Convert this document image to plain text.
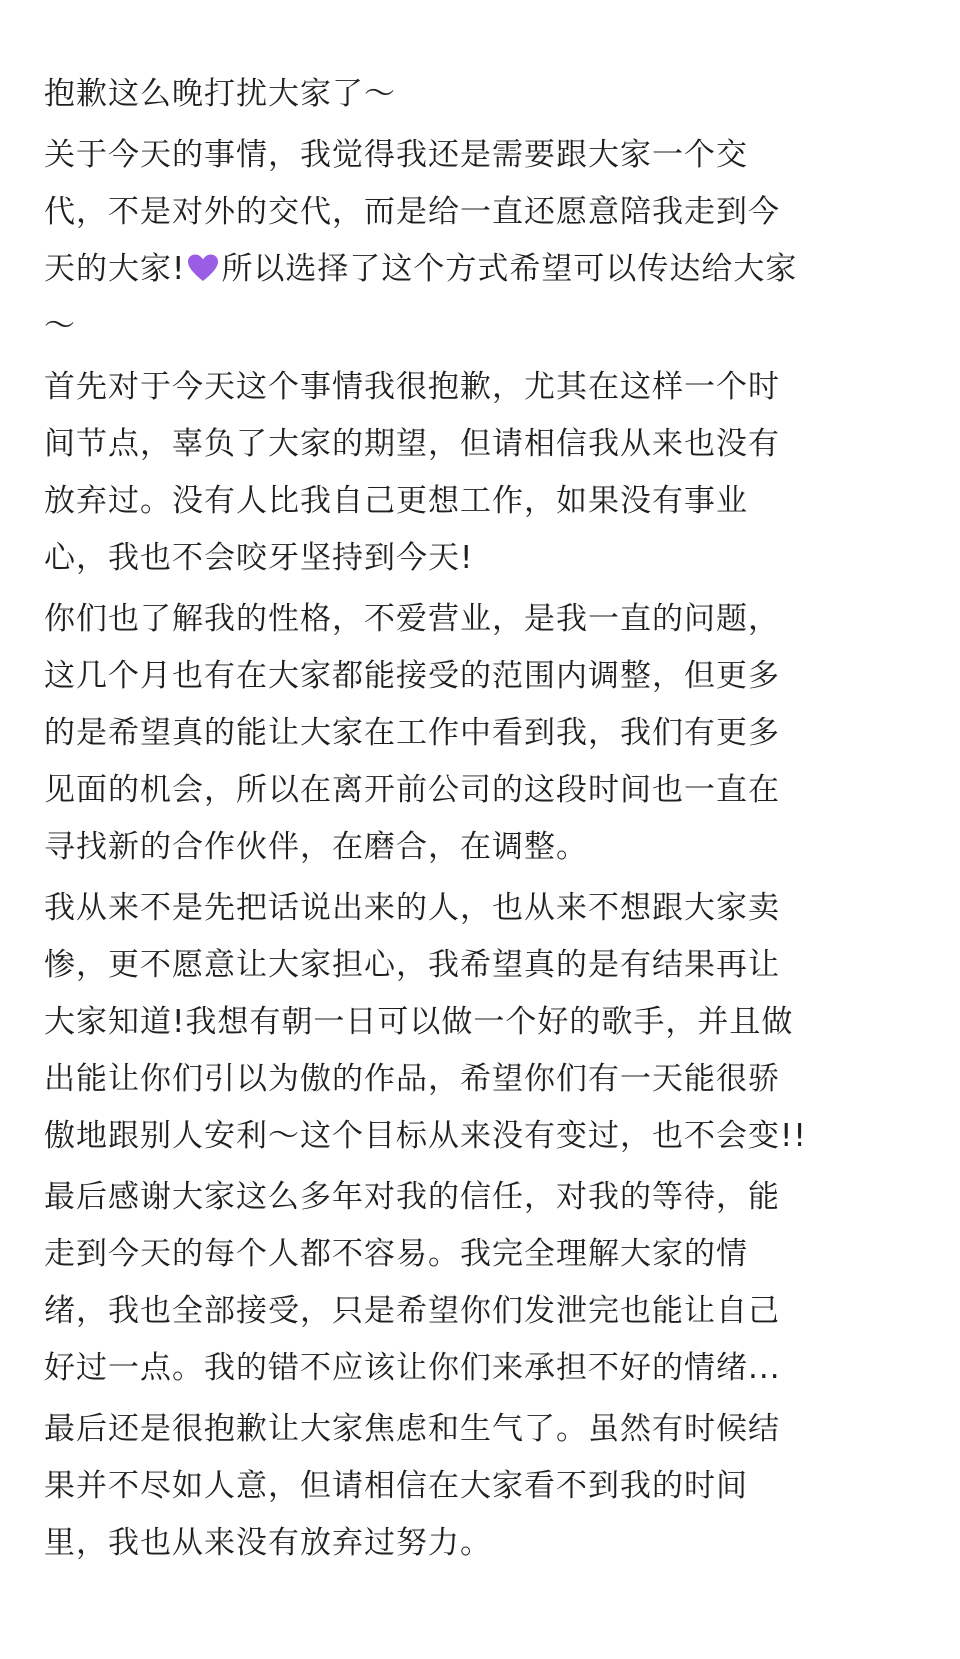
抱歉这么晚打扰大家了～
关于今天的事情，我觉得我还是需要跟大家一个交
代，不是对外的交代，而是给一直还愿意陪我走到今
天的大家! 所以选择了这个方式希望可以传达给大家
～
首先对于今天这个事情我很抱歉，尤其在这样一个时
间节点，辜负了大家的期望，但请相信我从来也没有
放弃过。没有人比我自己更想工作，如果没有事业
心，我也不会咬牙坚持到今天!
你们也了解我的性格，不爱营业，是我一直的问题，
这几个月也有在大家都能接受的范围内调整，但更多
的是希望真的能让大家在工作中看到我，我们有更多
见面的机会，所以在离开前公司的这段时间也一直在
寻找新的合作伙伴，在磨合，在调整。
我从来不是先把话说出来的人，也从来不想跟大家卖
惨，更不愿意让大家担心，我希望真的是有结果再让
大家知道!我想有朝一日可以做一个好的歌手，并且做
出能让你们引以为傲的作品，希望你们有一天能很骄
傲地跟别人安利～这个目标从来没有变过，也不会变!!
最后感谢大家这么多年对我的信任，对我的等待，能
走到今天的每个人都不容易。我完全理解大家的情
绪，我也全部接受，只是希望你们发泄完也能让自己
好过一点。我的错不应该让你们来承担不好的情绪...
最后还是很抱歉让大家焦虑和生气了。虽然有时候结
果并不尽如人意，但请相信在大家看不到我的时间
里，我也从来没有放弃过努力。
